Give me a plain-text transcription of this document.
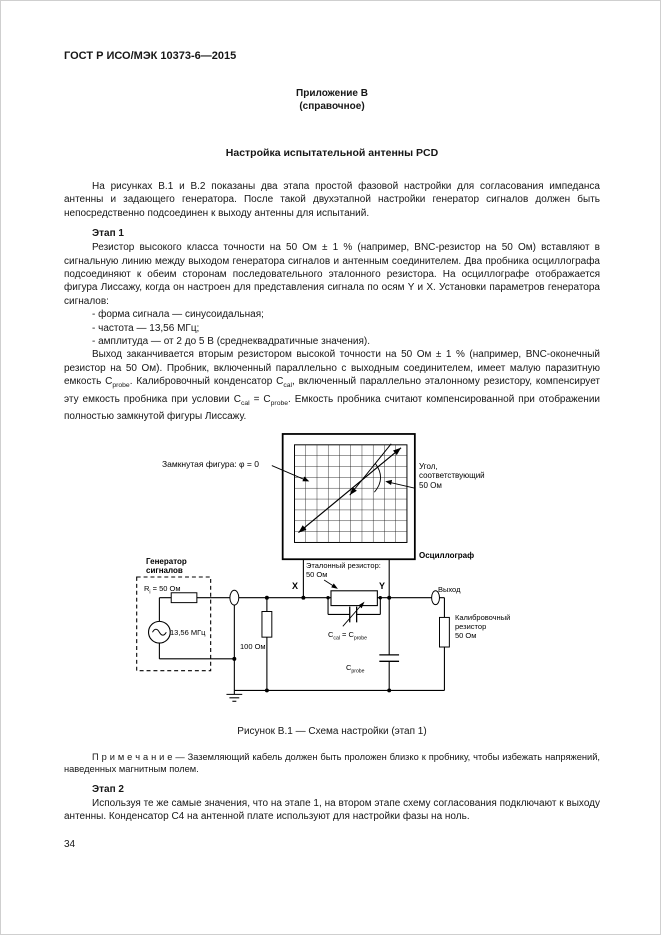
ГОСТ Р ИСО/МЭК 10373-6—2015
Приложение В
(справочное)
Настройка испытательной антенны PCD

На рисунках В.1 и В.2 показаны два этапа простой фазовой настройки для согласования импеданса антенны и задающего генератора. После такой двухэтапной настройки генератор сигналов должен быть непосредственно подсоединен к выходу антенны для испытаний.

Этап 1

Резистор высокого класса точности на 50 Ом ± 1 % (например, BNC-резистор на 50 Ом) вставляют в сигнальную линию между выходом генератора сигналов и антенным соединителем. Два пробника осциллографа подсоединяют к обеим сторонам последовательного эталонного резистора. На осциллографе отображается фигура Лиссажу, когда он настроен для представления сигнала по осям Y и X. Установки параметров генератора сигналов:

- форма сигнала — синусоидальная;

- частота — 13,56 МГц;

- амплитуда — от 2 до 5 В (среднеквадратичные значения).

Выход заканчивается вторым резистором высокой точности на 50 Ом ± 1 % (например, BNC-оконечный резистор на 50 Ом). Пробник, включенный параллельно с выходным соединителем, имеет малую паразитную емкость $C_{probe}$. Калибровочный конденсатор $C_{cal}$, включенный параллельно эталонному резистору, компенсирует эту емкость пробника при условии $C_{cal} = C_{probe}$. Емкость пробника считают компенсированной при отображении полностью замкнутой фигуры Лиссажу.

Замкнутая фигура: φ = 0	Угол,
соответствующий
50 Ом
Осциллограф
X	Y
Эталонный резистор:
50 Ом
Генератор
сигналов
$R_i = 50$ Ом
13,56 МГц
100 Ом
$C_{cal} = C_{probe}$
$C_{probe}$
Выход
Калибровочный
резистор
50 Ом

Рисунок В.1 — Схема настройки (этап 1)

П р и м е ч а н и е — Заземляющий кабель должен быть проложен близко к пробнику, чтобы избежать напряжений, наведенных магнитным полем.

Этап 2

Используя те же самые значения, что на этапе 1, на втором этапе схему согласования подключают к выходу антенны. Конденсатор C4 на антенной плате используют для настройки фазы на ноль.

34
